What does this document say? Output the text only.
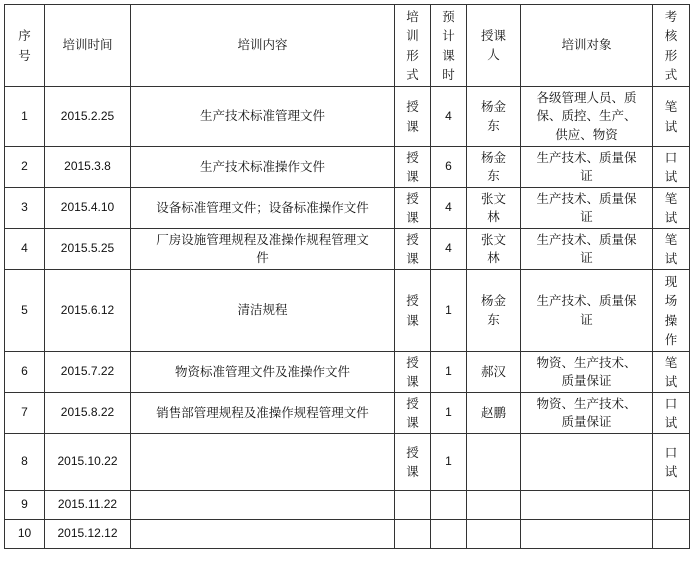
序号	培训时间	培训内容	培训形式	预计课时	授课人	培训对象	考核形式
1	2015.2.25	生产技术标准管理文件	授课	4	杨金东	各级管理人员、质保、质控、生产、供应、物资	笔试
2	2015.3.8	生产技术标准操作文件	授课	6	杨金东	生产技术、质量保证	口试
3	2015.4.10	设备标准管理文件；设备标准操作文件	授课	4	张文林	生产技术、质量保证	笔试
4	2015.5.25	厂房设施管理规程及准操作规程管理文件	授课	4	张文林	生产技术、质量保证	笔试
5	2015.6.12	清洁规程	授课	1	杨金东	生产技术、质量保证	现场操作
6	2015.7.22	物资标准管理文件及准操作文件	授课	1	郝汉	物资、生产技术、质量保证	笔试
7	2015.8.22	销售部管理规程及准操作规程管理文件	授课	1	赵鹏	物资、生产技术、质量保证	口试
8	2015.10.22		授课	1			口试
9	2015.11.22						
10	2015.12.12						
